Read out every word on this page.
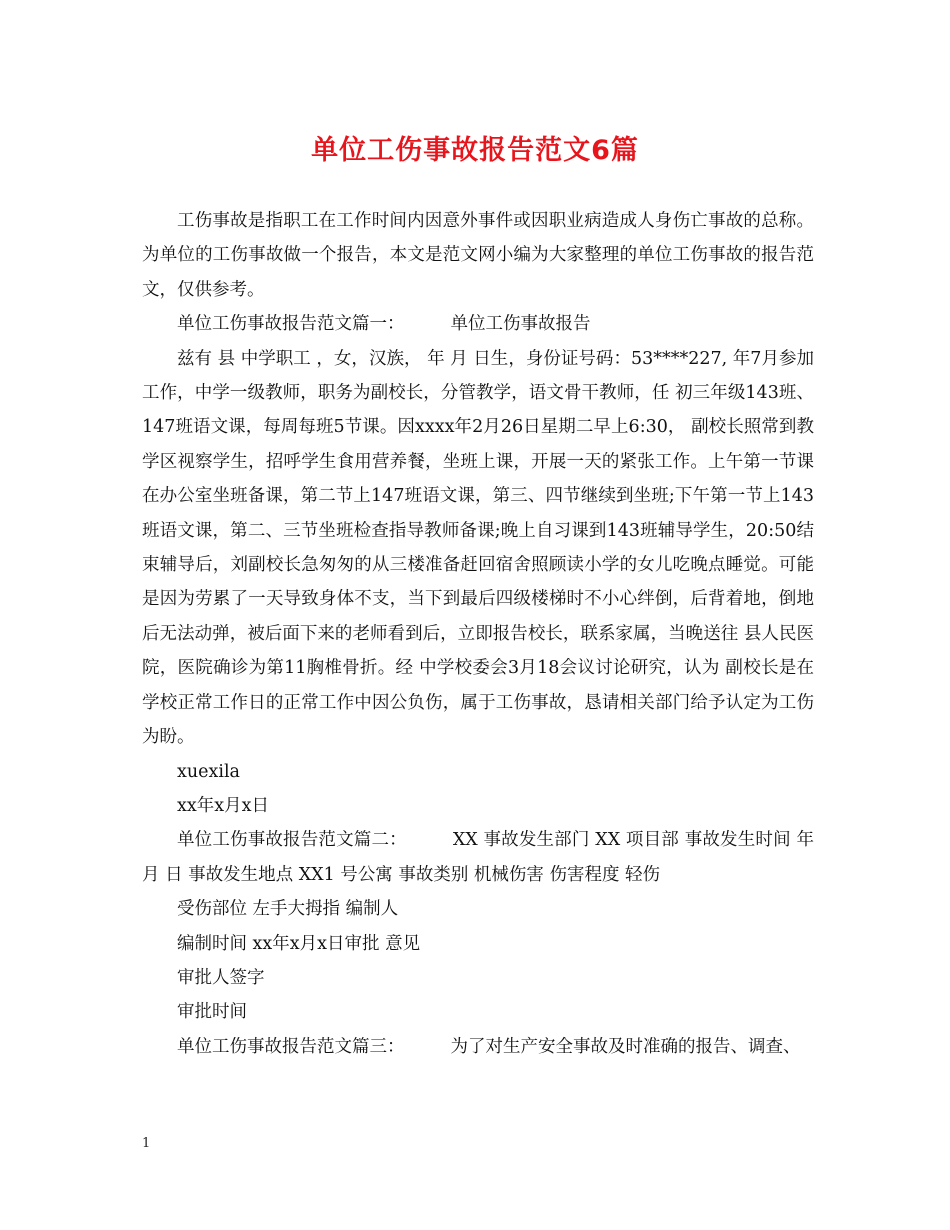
单位工伤事故报告范文6篇

工伤事故是指职工在工作时间内因意外事件或因职业病造成人身伤亡事故的总称。为单位的工伤事故做一个报告，本文是范文网小编为大家整理的单位工伤事故的报告范文，仅供参考。

单位工伤事故报告范文篇一：	单位工伤事故报告

兹有 县 中学职工 ，女，汉族， 年 月 日生，身份证号码：53****227, 年7月参加工作，中学一级教师，职务为副校长，分管教学，语文骨干教师，任 初三年级143班、147班语文课，每周每班5节课。因xxxx年2月26日星期二早上6:30， 副校长照常到教学区视察学生，招呼学生食用营养餐，坐班上课，开展一天的紧张工作。上午第一节课在办公室坐班备课，第二节上147班语文课，第三、四节继续到坐班;下午第一节上143班语文课，第二、三节坐班检查指导教师备课;晚上自习课到143班辅导学生，20:50结束辅导后，刘副校长急匆匆的从三楼准备赶回宿舍照顾读小学的女儿吃晚点睡觉。可能是因为劳累了一天导致身体不支，当下到最后四级楼梯时不小心绊倒，后背着地，倒地后无法动弹，被后面下来的老师看到后，立即报告校长，联系家属，当晚送往 县人民医院，医院确诊为第11胸椎骨折。经 中学校委会3月18会议讨论研究，认为 副校长是在学校正常工作日的正常工作中因公负伤，属于工伤事故，恳请相关部门给予认定为工伤为盼。

xuexila

xx年x月x日

单位工伤事故报告范文篇二：	XX 事故发生部门 XX 项目部 事故发生时间 年 月 日 事故发生地点 XX1 号公寓 事故类别 机械伤害 伤害程度 轻伤

受伤部位 左手大拇指 编制人

编制时间 xx年x月x日审批 意见

审批人签字

审批时间

单位工伤事故报告范文篇三：	为了对生产安全事故及时准确的报告、调查、

1
